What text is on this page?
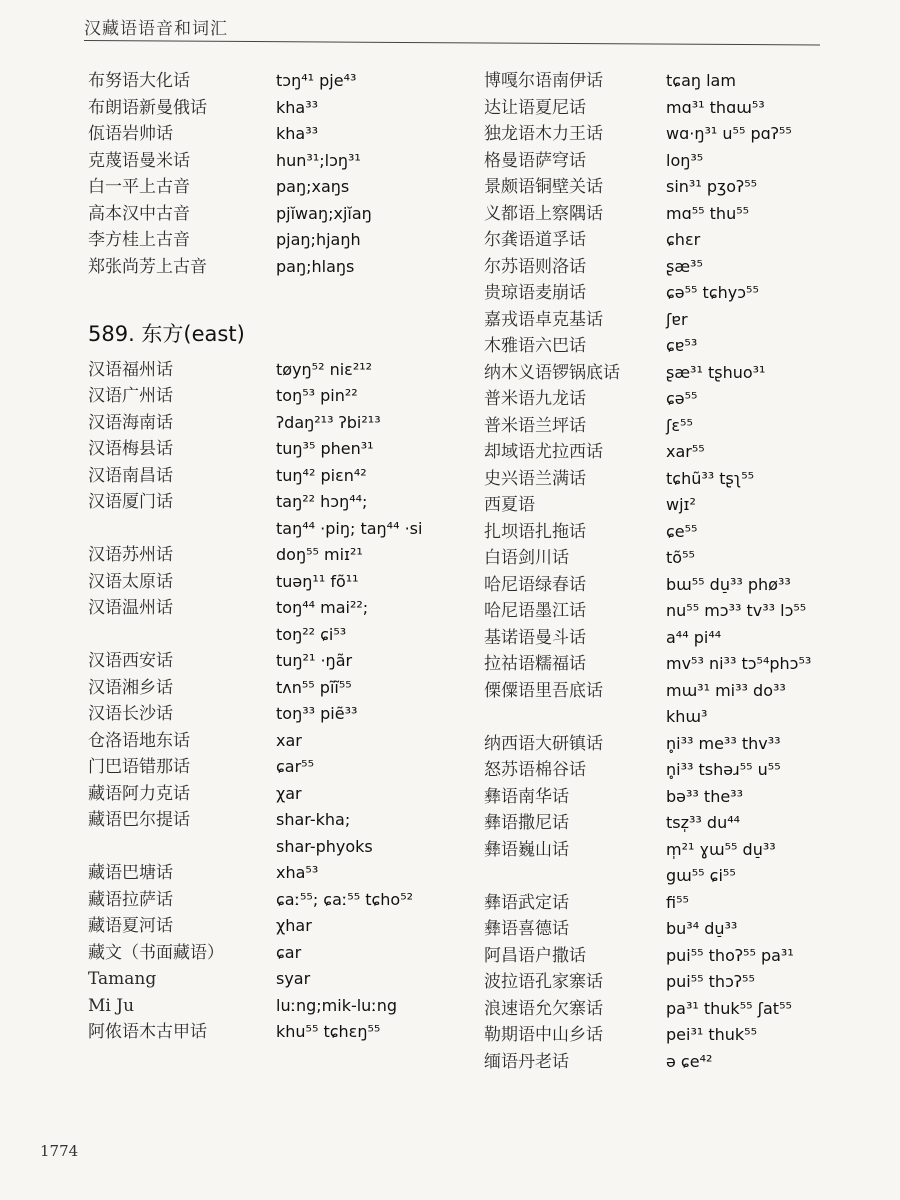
汉藏语语音和词汇
布努语大化话	tɔŋ⁴¹ pje⁴³
布朗语新曼俄话	kha³³
佤语岩帅话	kha³³
克蔑语曼米话	hun³¹;lɔŋ³¹
白一平上古音	paŋ;xaŋs
高本汉中古音	pjĭwaŋ;xjĭaŋ
李方桂上古音	pjaŋ;hjaŋh
郑张尚芳上古音	paŋ;hlaŋs
589. 东方(east)
汉语福州话	tøyŋ⁵² niɛ²¹²
汉语广州话	toŋ⁵³ pin²²
汉语海南话	ʔdaŋ²¹³ ʔbi²¹³
汉语梅县话	tuŋ³⁵ phen³¹
汉语南昌话	tuŋ⁴² piɛn⁴²
汉语厦门话	taŋ²² hɔŋ⁴⁴;
taŋ⁴⁴ ·piŋ; taŋ⁴⁴ ·si
汉语苏州话	doŋ⁵⁵ miɪ²¹
汉语太原话	tuəŋ¹¹ fõ¹¹
汉语温州话	toŋ⁴⁴ mai²²;
toŋ²² ɕi⁵³
汉语西安话	tuŋ²¹ ·ŋãr
汉语湘乡话	tʌn⁵⁵ pĩĩ⁵⁵
汉语长沙话	toŋ³³ piẽ³³
仓洛语地东话	xar
门巴语错那话	ɕar⁵⁵
藏语阿力克话	χar
藏语巴尔提话	shar-kha;
shar-phyoks
藏语巴塘话	xha⁵³
藏语拉萨话	ɕaː⁵⁵; ɕaː⁵⁵ tɕho⁵²
藏语夏河话	χhar
藏文（书面藏语）	ɕar
Tamang	syar
Mi Ju	luːng;mik-luːng
阿侬语木古甲话	khu⁵⁵ tɕhɛŋ⁵⁵
博嘎尔语南伊话	tɕaŋ lam
达让语夏尼话	mɑ³¹ thɑɯ⁵³
独龙语木力王话	wɑ·ŋ³¹ u⁵⁵ pɑʔ⁵⁵
格曼语萨穹话	loŋ³⁵
景颇语铜壁关话	sin³¹ pʒoʔ⁵⁵
义都语上察隅话	mɑ⁵⁵ thu⁵⁵
尔龚语道孚话	ɕhɛr
尔苏语则洛话	ʂæ³⁵
贵琼语麦崩话	ɕə⁵⁵ tɕhyɔ⁵⁵
嘉戎语卓克基话	ʃɐr
木雅语六巴话	ɕɐ⁵³
纳木义语锣锅底话	ʂæ³¹ tʂhuo³¹
普米语九龙话	ɕə⁵⁵
普米语兰坪话	ʃɛ⁵⁵
却域语尤拉西话	xar⁵⁵
史兴语兰满话	tɕhũ³³ tʂʅ⁵⁵
西夏语	wjɪ²
扎坝语扎拖话	ɕe⁵⁵
白语剑川话	tõ⁵⁵
哈尼语绿春话	bɯ⁵⁵ du̠³³ phø³³
哈尼语墨江话	nu⁵⁵ mɔ³³ tv³³ lɔ⁵⁵
基诺语曼斗话	a⁴⁴ pi⁴⁴
拉祜语糯福话	mv⁵³ ni³³ tɔ⁵⁴phɔ⁵³
傈僳语里吾底话	mɯ³¹ mi³³ do³³
khɯ³
纳西语大研镇话	n̥i³³ me³³ thv³³
怒苏语棉谷话	n̥i³³ tshəɹ⁵⁵ u⁵⁵
彝语南华话	bə³³ the³³
彝语撒尼话	tsz̩³³ du⁴⁴
彝语巍山话	m̩²¹ ɣɯ⁵⁵ du̠³³
gɯ⁵⁵ ɕi⁵⁵
彝语武定话	fi⁵⁵
彝语喜德话	bu³⁴ du̠³³
阿昌语户撒话	pui⁵⁵ thoʔ⁵⁵ pa³¹
波拉语孔家寨话	pui⁵⁵ thɔʔ⁵⁵
浪速语允欠寨话	pa³¹ thuk⁵⁵ ʃat⁵⁵
勒期语中山乡话	pei³¹ thuk⁵⁵
缅语丹老话	ə ɕe⁴²
1774
